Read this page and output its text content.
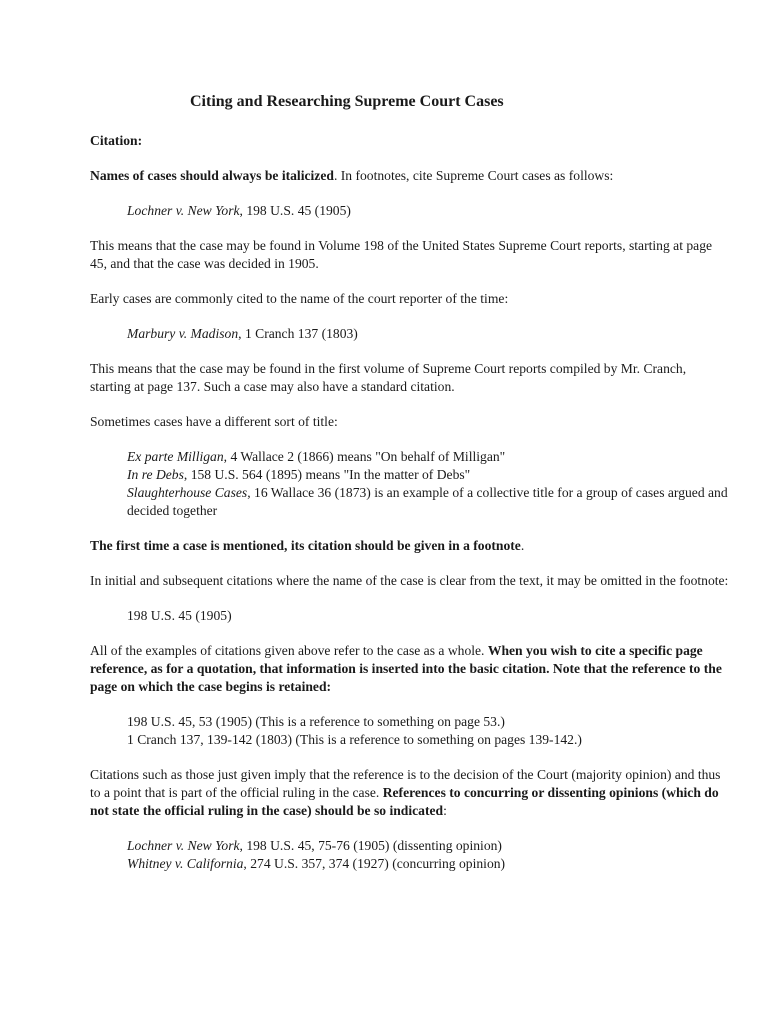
Citing and Researching Supreme Court Cases

Citation:

Names of cases should always be italicized. In footnotes, cite Supreme Court cases as follows:

Lochner v. New York, 198 U.S. 45 (1905)

This means that the case may be found in Volume 198 of the United States Supreme Court reports, starting at page 45, and that the case was decided in 1905.

Early cases are commonly cited to the name of the court reporter of the time:

Marbury v. Madison, 1 Cranch 137 (1803)

This means that the case may be found in the first volume of Supreme Court reports compiled by Mr. Cranch, starting at page 137. Such a case may also have a standard citation.

Sometimes cases have a different sort of title:

Ex parte Milligan, 4 Wallace 2 (1866) means "On behalf of Milligan"
In re Debs, 158 U.S. 564 (1895) means "In the matter of Debs"
Slaughterhouse Cases, 16 Wallace 36 (1873) is an example of a collective title for a group of cases argued and decided together

The first time a case is mentioned, its citation should be given in a footnote.

In initial and subsequent citations where the name of the case is clear from the text, it may be omitted in the footnote:

198 U.S. 45 (1905)

All of the examples of citations given above refer to the case as a whole. When you wish to cite a specific page reference, as for a quotation, that information is inserted into the basic citation. Note that the reference to the page on which the case begins is retained:

198 U.S. 45, 53 (1905) (This is a reference to something on page 53.)
1 Cranch 137, 139-142 (1803) (This is a reference to something on pages 139-142.)

Citations such as those just given imply that the reference is to the decision of the Court (majority opinion) and thus to a point that is part of the official ruling in the case. References to concurring or dissenting opinions (which do not state the official ruling in the case) should be so indicated:

Lochner v. New York, 198 U.S. 45, 75-76 (1905) (dissenting opinion)
Whitney v. California, 274 U.S. 357, 374 (1927) (concurring opinion)
